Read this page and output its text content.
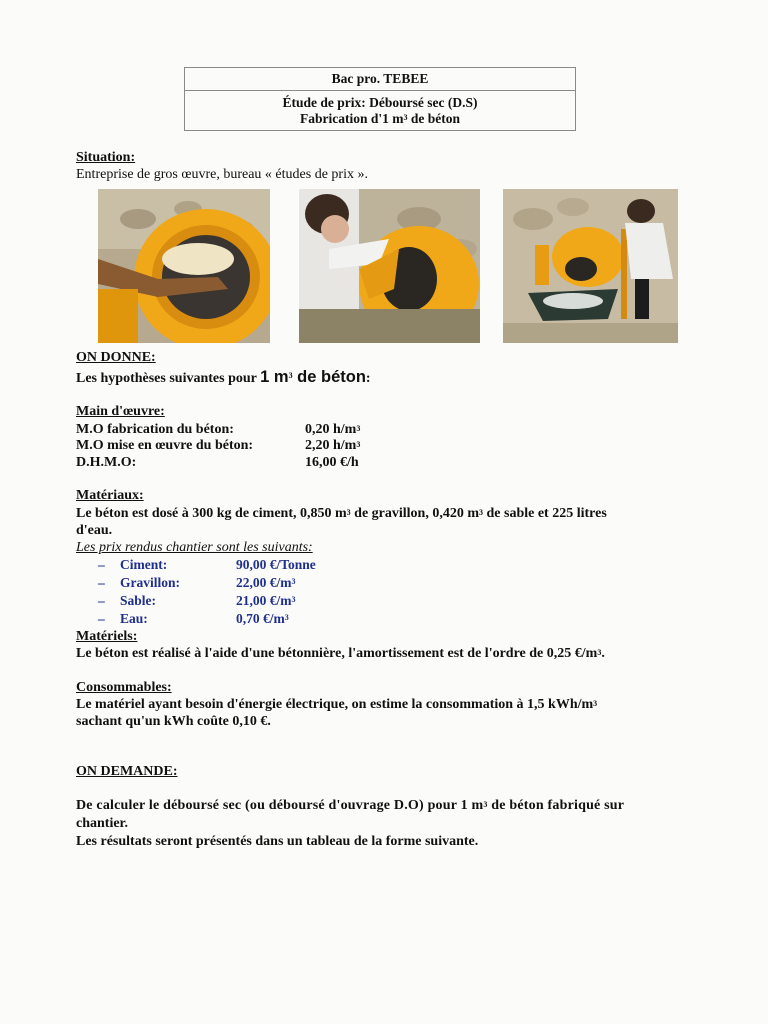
Bac pro. TEBEE
Étude de prix: Déboursé sec (D.S)
Fabrication d'1 $m^3$ de béton
Situation:
Entreprise de gros œuvre, bureau « études de prix ».
ON DONNE:
Les hypothèses suivantes pour 1 $m^3$ de béton:
Main d'œuvre:
M.O fabrication du béton:	0,20 $h/m^3$
M.O mise en œuvre du béton:	2,20 $h/m^3$
D.H.M.O:	16,00 €/h
Matériaux:
Le béton est dosé à 300 kg de ciment, 0,850 $m^3$ de gravillon, 0,420 $m^3$ de sable et 225 litres
d'eau.
Les prix rendus chantier sont les suivants:
– Ciment:	90,00 €/Tonne
– Gravillon:	22,00 $€/m^3$
– Sable:	21,00 $€/m^3$
– Eau:	0,70 $€/m^3$
Matériels:
Le béton est réalisé à l'aide d'une bétonnière, l'amortissement est de l'ordre de 0,25 $€/m^3$.
Consommables:
Le matériel ayant besoin d'énergie électrique, on estime la consommation à 1,5 kWh/$m^3$
sachant qu'un kWh coûte 0,10 €.
ON DEMANDE:
De calculer le déboursé sec (ou déboursé d'ouvrage D.O) pour 1 $m^3$ de béton fabriqué sur
chantier.
Les résultats seront présentés dans un tableau de la forme suivante.
